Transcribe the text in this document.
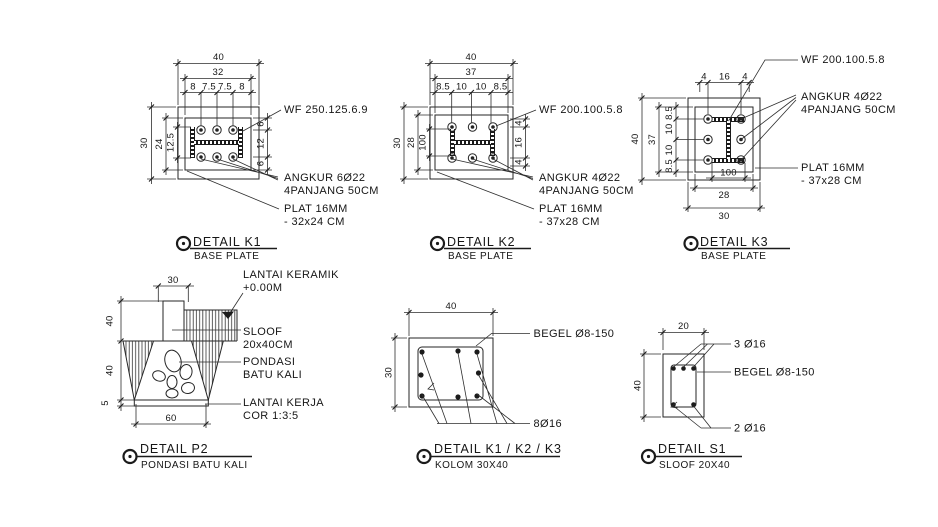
40
32
8 7.5 7.5 8
30 24 12.5
6
12
6
WF 250.125.6.9
ANGKUR 6Ø22
4PANJANG 50CM
PLAT 16MM
- 32x24 CM
DETAIL K1
BASE PLATE
40
37
8.5 10 10 8.5
30 28 100
4
16
4
WF 200.100.5.8
ANGKUR 4Ø22
4PANJANG 50CM
PLAT 16MM
- 37x28 CM
DETAIL K2
BASE PLATE
4 16 4
40 37
8.5
10
10
8.5
100
28
30
WF 200.100.5.8
ANGKUR 4Ø22
4PANJANG 50CM
PLAT 16MM
- 37x28 CM
DETAIL K3
BASE PLATE
30
40
40
5
60
LANTAI KERAMIK
+0.00M
SLOOF
20x40CM
PONDASI
BATU KALI
LANTAI KERJA
COR 1:3:5
DETAIL P2
PONDASI BATU KALI
40
30
BEGEL Ø8-150
8Ø16
DETAIL K1 / K2 / K3
KOLOM 30X40
20
40
3 Ø16
BEGEL Ø8-150
2 Ø16
DETAIL S1
SLOOF 20X40
